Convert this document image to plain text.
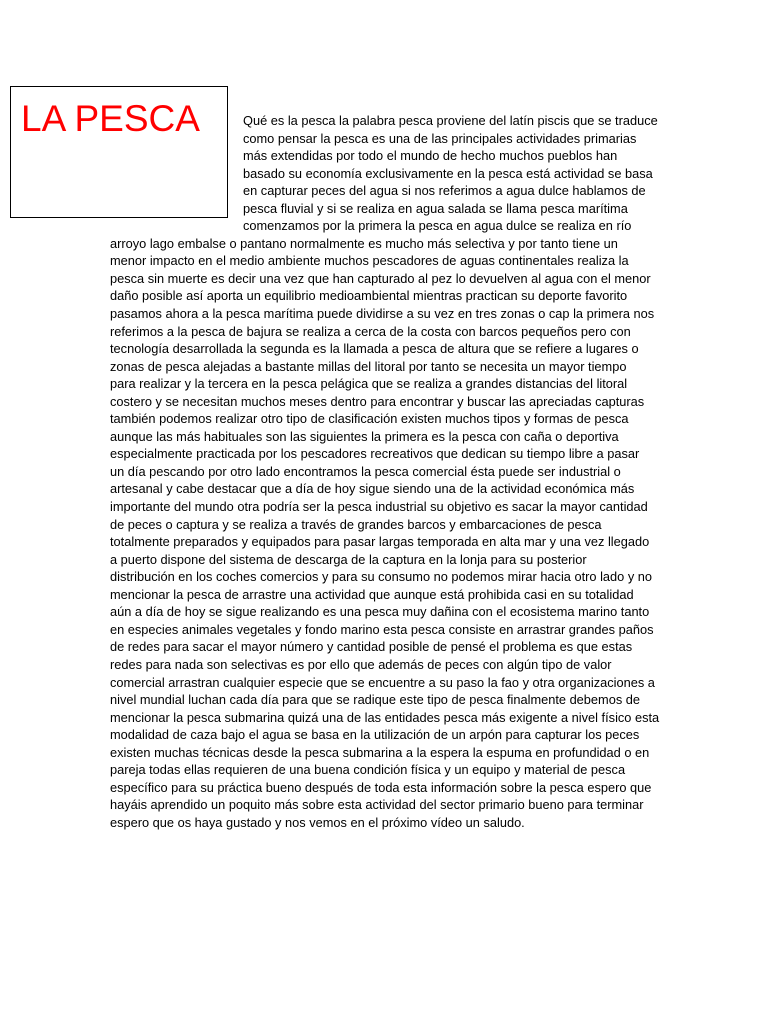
LA PESCA	Qué es la pesca la palabra pesca proviene del latín piscis que se traduce
como pensar la pesca es una de las principales actividades primarias
más extendidas por todo el mundo de hecho muchos pueblos han
basado su economía exclusivamente en la pesca está actividad se basa
en capturar peces del agua si nos referimos a agua dulce hablamos de
pesca fluvial y si se realiza en agua salada se llama pesca marítima
comenzamos por la primera la pesca en agua dulce se realiza en río
arroyo lago embalse o pantano normalmente es mucho más selectiva y por tanto tiene un
menor impacto en el medio ambiente muchos pescadores de aguas continentales realiza la
pesca sin muerte es decir una vez que han capturado al pez lo devuelven al agua con el menor
daño posible así aporta un equilibrio medioambiental mientras practican su deporte favorito
pasamos ahora a la pesca marítima puede dividirse a su vez en tres zonas o cap la primera nos
referimos a la pesca de bajura se realiza a cerca de la costa con barcos pequeños pero con
tecnología desarrollada la segunda es la llamada a pesca de altura que se refiere a lugares o
zonas de pesca alejadas a bastante millas del litoral por tanto se necesita un mayor tiempo
para realizar y la tercera en la pesca pelágica que se realiza a grandes distancias del litoral
costero y se necesitan muchos meses dentro para encontrar y buscar las apreciadas capturas
también podemos realizar otro tipo de clasificación existen muchos tipos y formas de pesca
aunque las más habituales son las siguientes la primera es la pesca con caña o deportiva
especialmente practicada por los pescadores recreativos que dedican su tiempo libre a pasar
un día pescando por otro lado encontramos la pesca comercial ésta puede ser industrial o
artesanal y cabe destacar que a día de hoy sigue siendo una de la actividad económica más
importante del mundo otra podría ser la pesca industrial su objetivo es sacar la mayor cantidad
de peces o captura y se realiza a través de grandes barcos y embarcaciones de pesca
totalmente preparados y equipados para pasar largas temporada en alta mar y una vez llegado
a puerto dispone del sistema de descarga de la captura en la lonja para su posterior
distribución en los coches comercios y para su consumo no podemos mirar hacia otro lado y no
mencionar la pesca de arrastre una actividad que aunque está prohibida casi en su totalidad
aún a día de hoy se sigue realizando es una pesca muy dañina con el ecosistema marino tanto
en especies animales vegetales y fondo marino esta pesca consiste en arrastrar grandes paños
de redes para sacar el mayor número y cantidad posible de pensé el problema es que estas
redes para nada son selectivas es por ello que además de peces con algún tipo de valor
comercial arrastran cualquier especie que se encuentre a su paso la fao y otra organizaciones a
nivel mundial luchan cada día para que se radique este tipo de pesca finalmente debemos de
mencionar la pesca submarina quizá una de las entidades pesca más exigente a nivel físico esta
modalidad de caza bajo el agua se basa en la utilización de un arpón para capturar los peces
existen muchas técnicas desde la pesca submarina a la espera la espuma en profundidad o en
pareja todas ellas requieren de una buena condición física y un equipo y material de pesca
específico para su práctica bueno después de toda esta información sobre la pesca espero que
hayáis aprendido un poquito más sobre esta actividad del sector primario bueno para terminar
espero que os haya gustado y nos vemos en el próximo vídeo un saludo.
